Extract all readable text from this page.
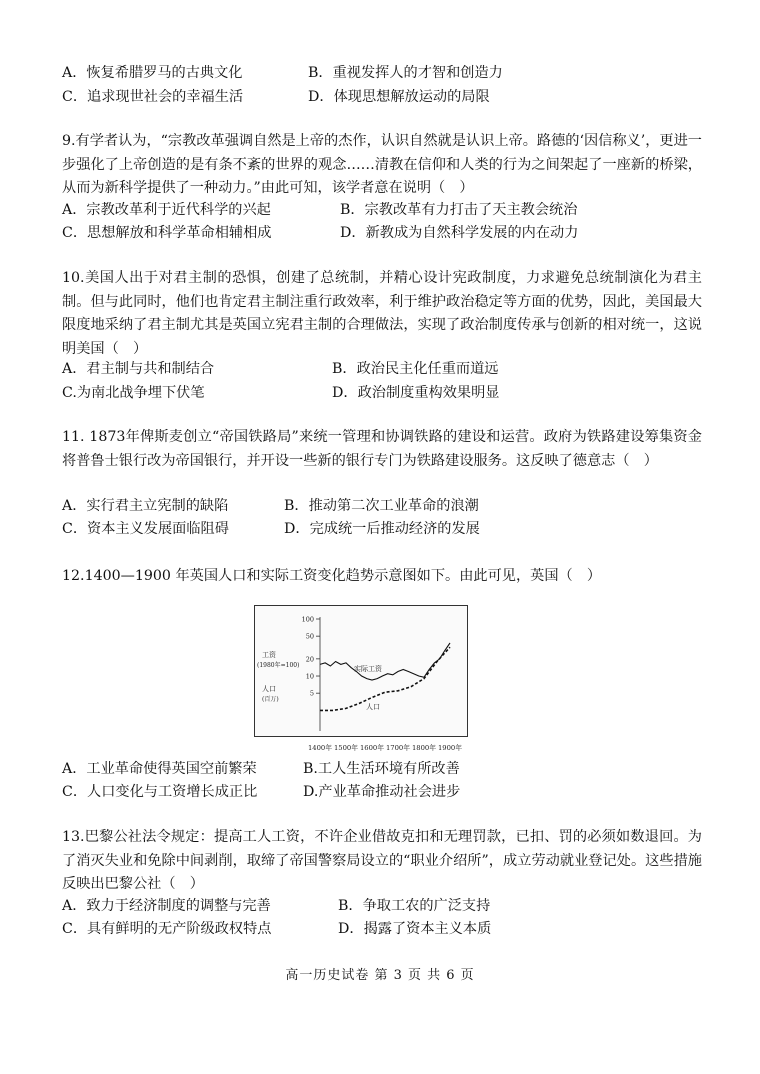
A．恢复希腊罗马的古典文化	B．重视发挥人的才智和创造力
C．追求现世社会的幸福生活	D．体现思想解放运动的局限
9.有学者认为，“宗教改革强调自然是上帝的杰作，认识自然就是认识上帝。路德的‘因信称义’，更进一步强化了上帝创造的是有条不紊的世界的观念……清教在信仰和人类的行为之间架起了一座新的桥梁，从而为新科学提供了一种动力。”由此可知，该学者意在说明（　）
A．宗教改革利于近代科学的兴起	B．宗教改革有力打击了天主教会统治
C．思想解放和科学革命相辅相成	D．新教成为自然科学发展的内在动力
10.美国人出于对君主制的恐惧，创建了总统制，并精心设计宪政制度，力求避免总统制演化为君主制。但与此同时，他们也肯定君主制注重行政效率，利于维护政治稳定等方面的优势，因此，美国最大限度地采纳了君主制尤其是英国立宪君主制的合理做法，实现了政治制度传承与创新的相对统一，这说明美国（　）
A．君主制与共和制结合	B．政治民主化任重而道远
C.为南北战争埋下伏笔	D．政治制度重构效果明显
11. 1873年俾斯麦创立“帝国铁路局”来统一管理和协调铁路的建设和运营。政府为铁路建设筹集资金将普鲁士银行改为帝国银行，并开设一些新的银行专门为铁路建设服务。这反映了德意志（　）
A．实行君主立宪制的缺陷	B．推动第二次工业革命的浪潮
C．资本主义发展面临阻碍	D．完成统一后推动经济的发展
12.1400—1900 年英国人口和实际工资变化趋势示意图如下。由此可见，英国（　）
工资
(1980年=100)
人口
(百万)
实际工资
人口
100
50
20
10
5
1400年 1500年 1600年 1700年 1800年 1900年
A．工业革命使得英国空前繁荣	B.工人生活环境有所改善
C．人口变化与工资增长成正比	D.产业革命推动社会进步
13.巴黎公社法令规定：提高工人工资，不许企业借故克扣和无理罚款，已扣、罚的必须如数退回。为了消灭失业和免除中间剥削，取缔了帝国警察局设立的“职业介绍所”，成立劳动就业登记处。这些措施反映出巴黎公社（　）
A．致力于经济制度的调整与完善	B．争取工农的广泛支持
C．具有鲜明的无产阶级政权特点	D．揭露了资本主义本质
高一历史试卷 第 3 页 共 6 页
